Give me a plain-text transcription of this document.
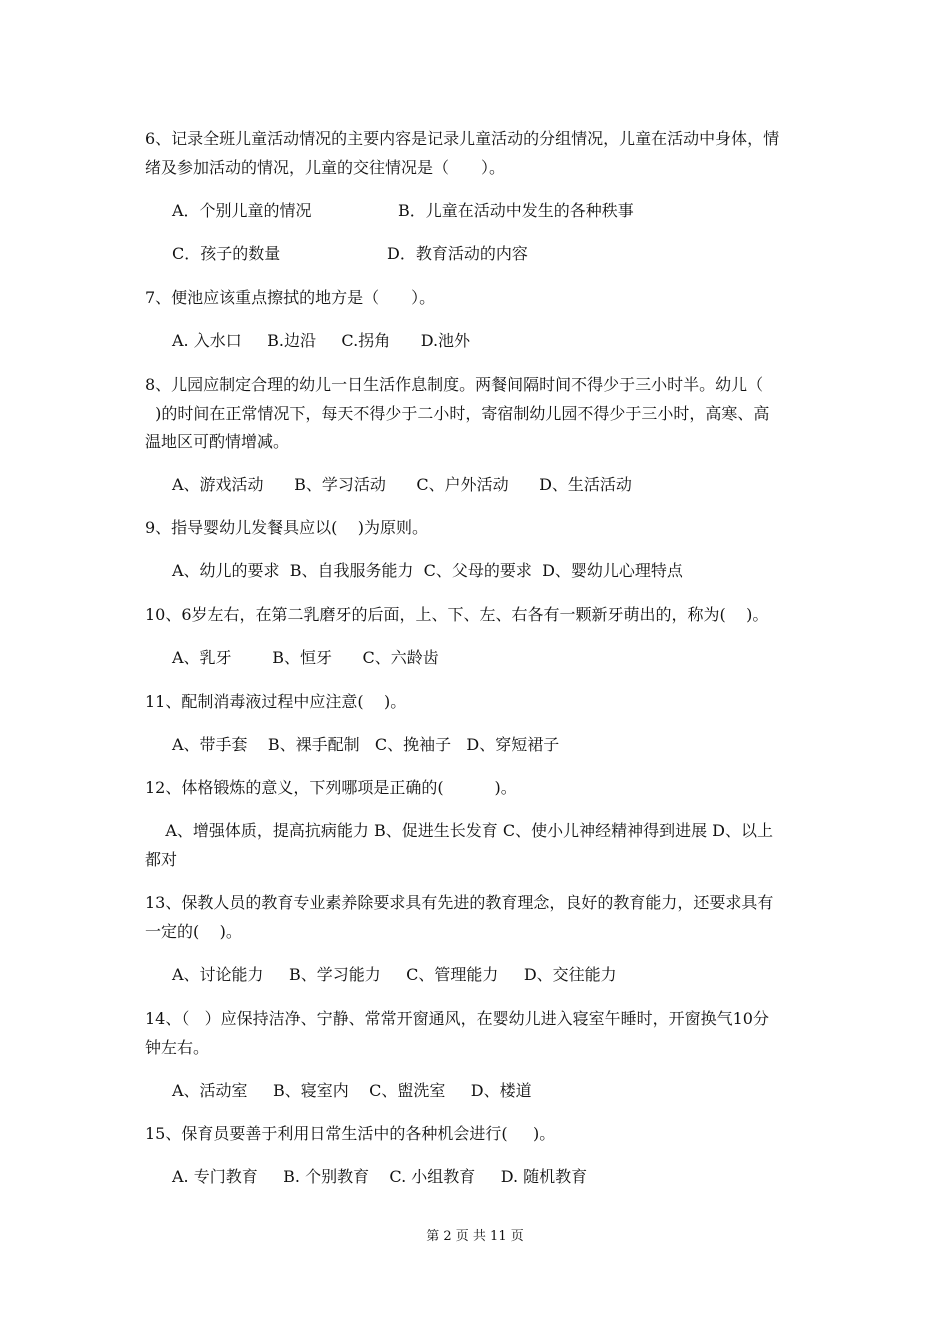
6、记录全班儿童活动情况的主要内容是记录儿童活动的分组情况，儿童在活动中身体，情
绪及参加活动的情况，儿童的交往情况是（　　）。
A．个别儿童的情况                 B．儿童在活动中发生的各种秩事
C．孩子的数量                     D．教育活动的内容
7、便池应该重点擦拭的地方是（　　）。
A. 入水口     B.边沿     C.拐角      D.池外
8、儿园应制定合理的幼儿一日生活作息制度。两餐间隔时间不得少于三小时半。幼儿（
)的时间在正常情况下，每天不得少于二小时，寄宿制幼儿园不得少于三小时，高寒、高
温地区可酌情增减。
A、游戏活动      B、学习活动      C、户外活动      D、生活活动
9、指导婴幼儿发餐具应以(    )为原则。
A、幼儿的要求  B、自我服务能力  C、父母的要求  D、婴幼儿心理特点
10、6岁左右，在第二乳磨牙的后面，上、下、左、右各有一颗新牙萌出的，称为(    )。
A、乳牙        B、恒牙      C、六龄齿
11、配制消毒液过程中应注意(    )。
A、带手套    B、裸手配制   C、挽袖子   D、穿短裙子
12、体格锻炼的意义，下列哪项是正确的(          )。
A、增强体质，提高抗病能力 B、促进生长发育 C、使小儿神经精神得到进展 D、以上
都对
13、保教人员的教育专业素养除要求具有先进的教育理念，良好的教育能力，还要求具有
一定的(    )。
A、讨论能力     B、学习能力     C、管理能力     D、交往能力
14、（   ）应保持洁净、宁静、常常开窗通风，在婴幼儿进入寝室午睡时，开窗换气10分
钟左右。
A、活动室     B、寝室内    C、盥洗室     D、楼道
15、保育员要善于利用日常生活中的各种机会进行(     )。
A. 专门教育     B. 个别教育    C. 小组教育     D. 随机教育
第 2 页 共 11 页
